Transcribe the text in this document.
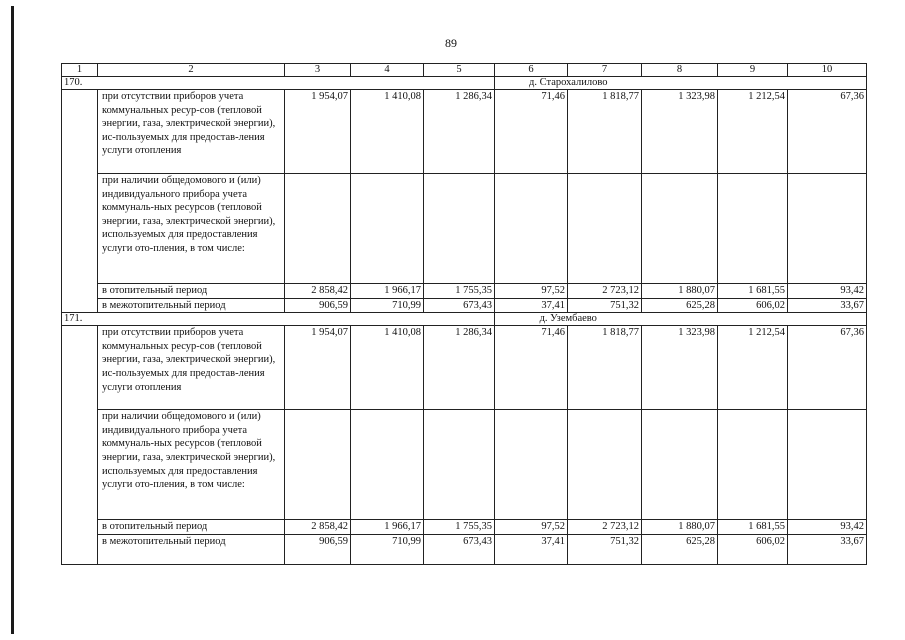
89
1	2	3	4	5	6	7	8	9	10
170.					д. Старохалилово				
	при отсутствии приборов учета коммунальных ресур-сов (тепловой энергии, газа, электрической энергии), ис-пользуемых для предостав-ления услуги отопления	1 954,07	1 410,08	1 286,34	71,46	1 818,77	1 323,98	1 212,54	67,36
	при наличии общедомового и (или) индивидуального прибора учета коммуналь-ных ресурсов (тепловой энергии, газа, электрической энергии), используемых для предоставления услуги ото-пления, в том числе:								
	в отопительный период	2 858,42	1 966,17	1 755,35	97,52	2 723,12	1 880,07	1 681,55	93,42
	в межотопительный период	906,59	710,99	673,43	37,41	751,32	625,28	606,02	33,67
171.					д. Узембаево				
	при отсутствии приборов учета коммунальных ресур-сов (тепловой энергии, газа, электрической энергии), ис-пользуемых для предостав-ления услуги отопления	1 954,07	1 410,08	1 286,34	71,46	1 818,77	1 323,98	1 212,54	67,36
	при наличии общедомового и (или) индивидуального прибора учета коммуналь-ных ресурсов (тепловой энергии, газа, электрической энергии), используемых для предоставления услуги ото-пления, в том числе:								
	в отопительный период	2 858,42	1 966,17	1 755,35	97,52	2 723,12	1 880,07	1 681,55	93,42
	в межотопительный период	906,59	710,99	673,43	37,41	751,32	625,28	606,02	33,67
